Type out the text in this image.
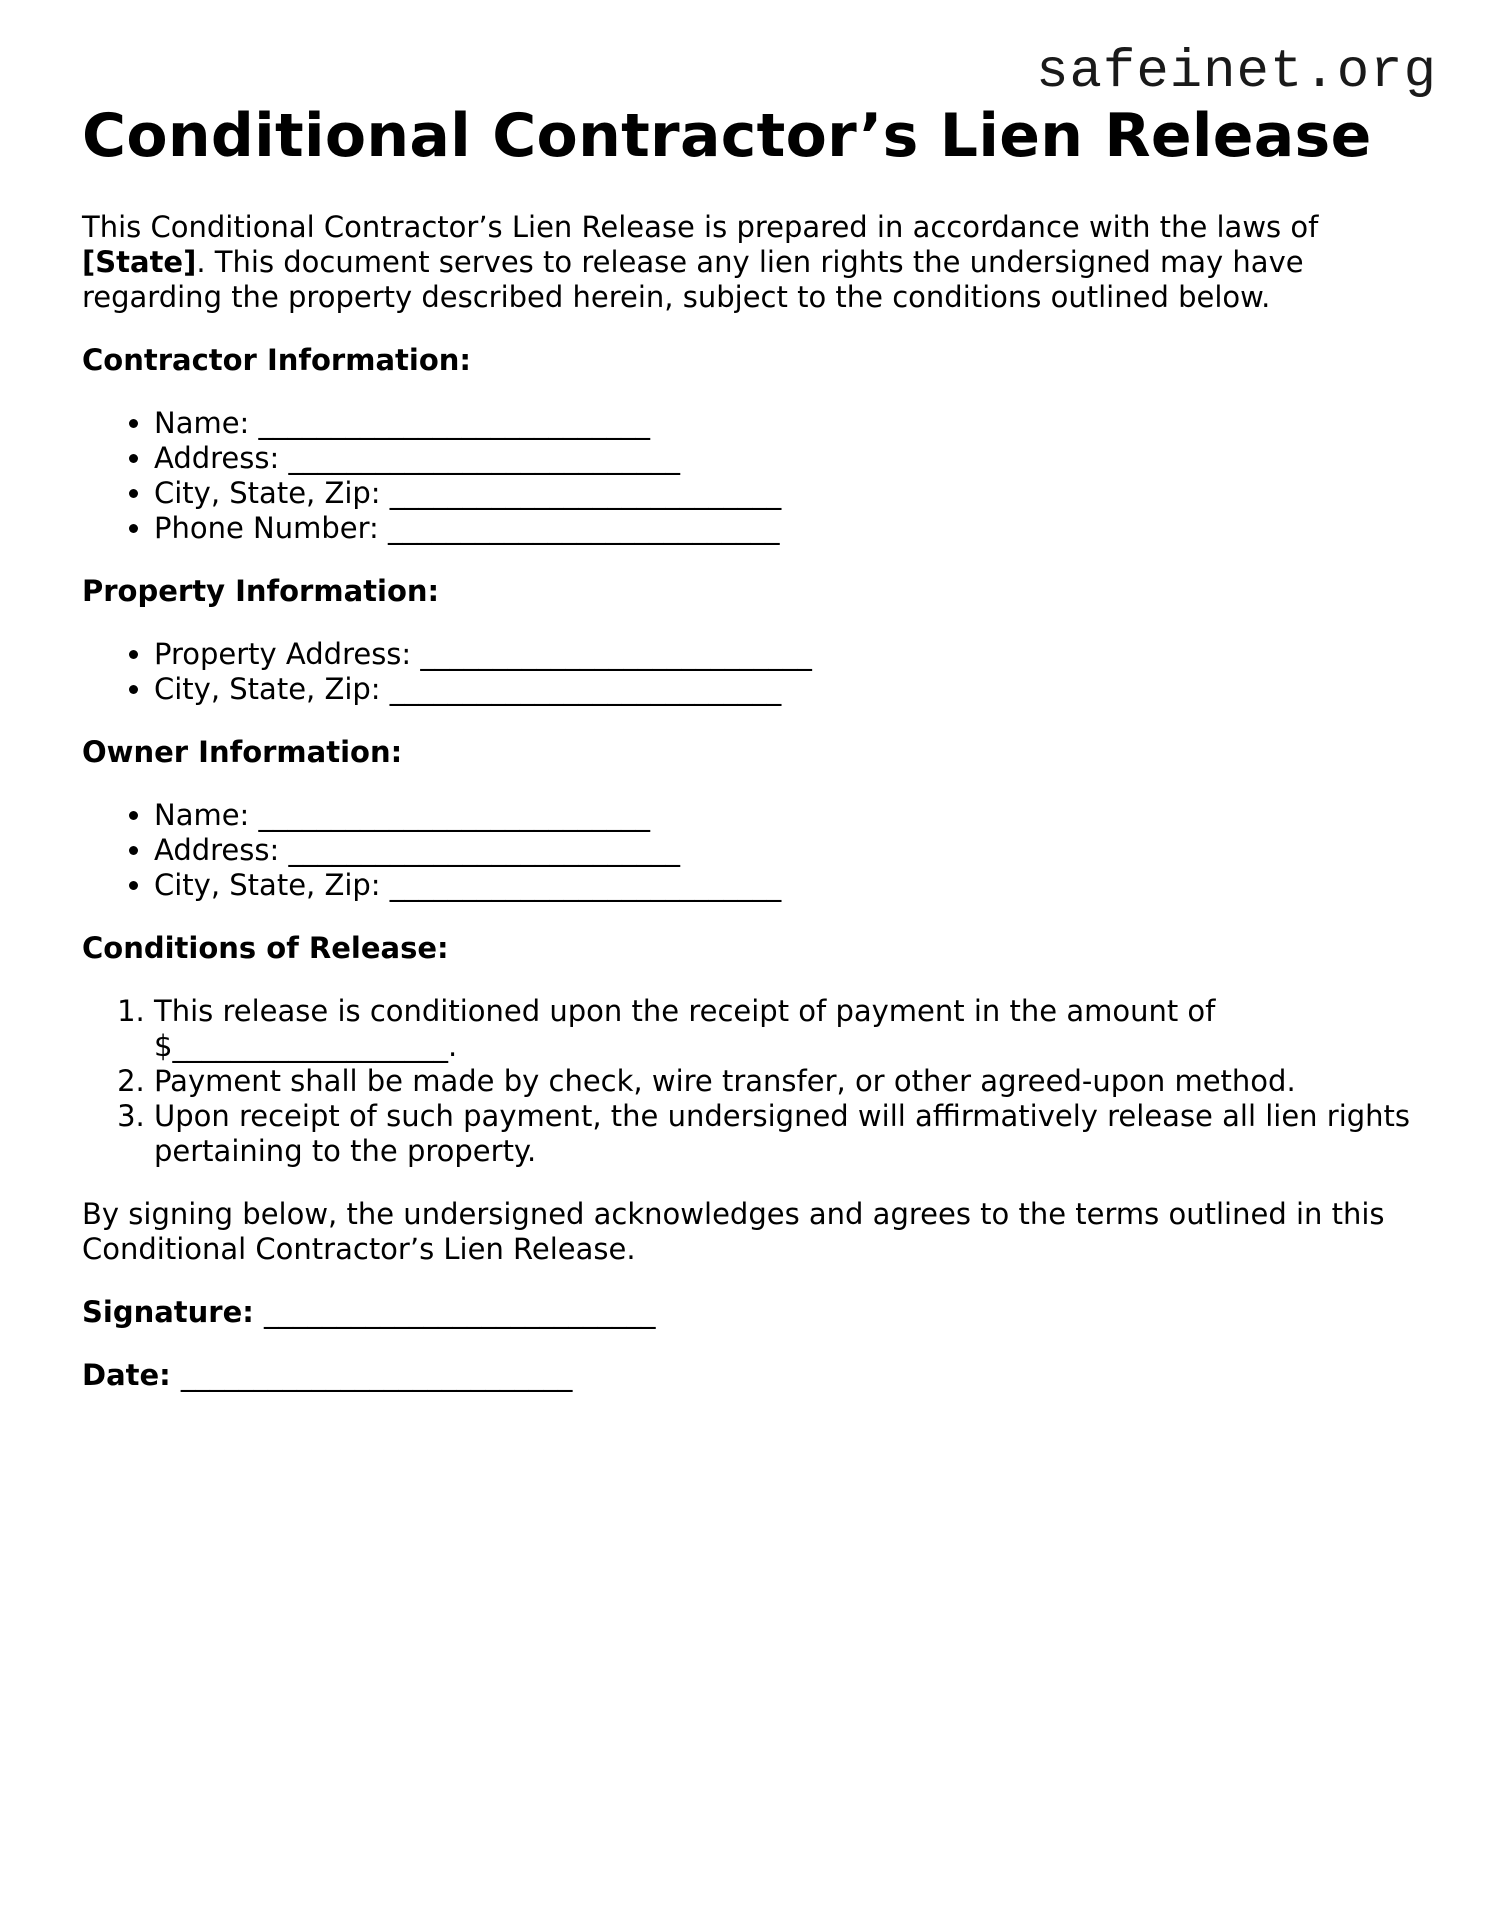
safeinet.org
Conditional Contractor’s Lien Release

This Conditional Contractor’s Lien Release is prepared in accordance with the laws of [State]. This document serves to release any lien rights the undersigned may have regarding the property described herein, subject to the conditions outlined below.

Contractor Information:

• Name: ___________________________
• Address: ___________________________
• City, State, Zip: ___________________________
• Phone Number: ___________________________

Property Information:

• Property Address: ___________________________
• City, State, Zip: ___________________________

Owner Information:

• Name: ___________________________
• Address: ___________________________
• City, State, Zip: ___________________________

Conditions of Release:

1. This release is conditioned upon the receipt of payment in the amount of $___________________.
2. Payment shall be made by check, wire transfer, or other agreed-upon method.
3. Upon receipt of such payment, the undersigned will affirmatively release all lien rights pertaining to the property.

By signing below, the undersigned acknowledges and agrees to the terms outlined in this Conditional Contractor’s Lien Release.

Signature: ___________________________

Date: ___________________________
